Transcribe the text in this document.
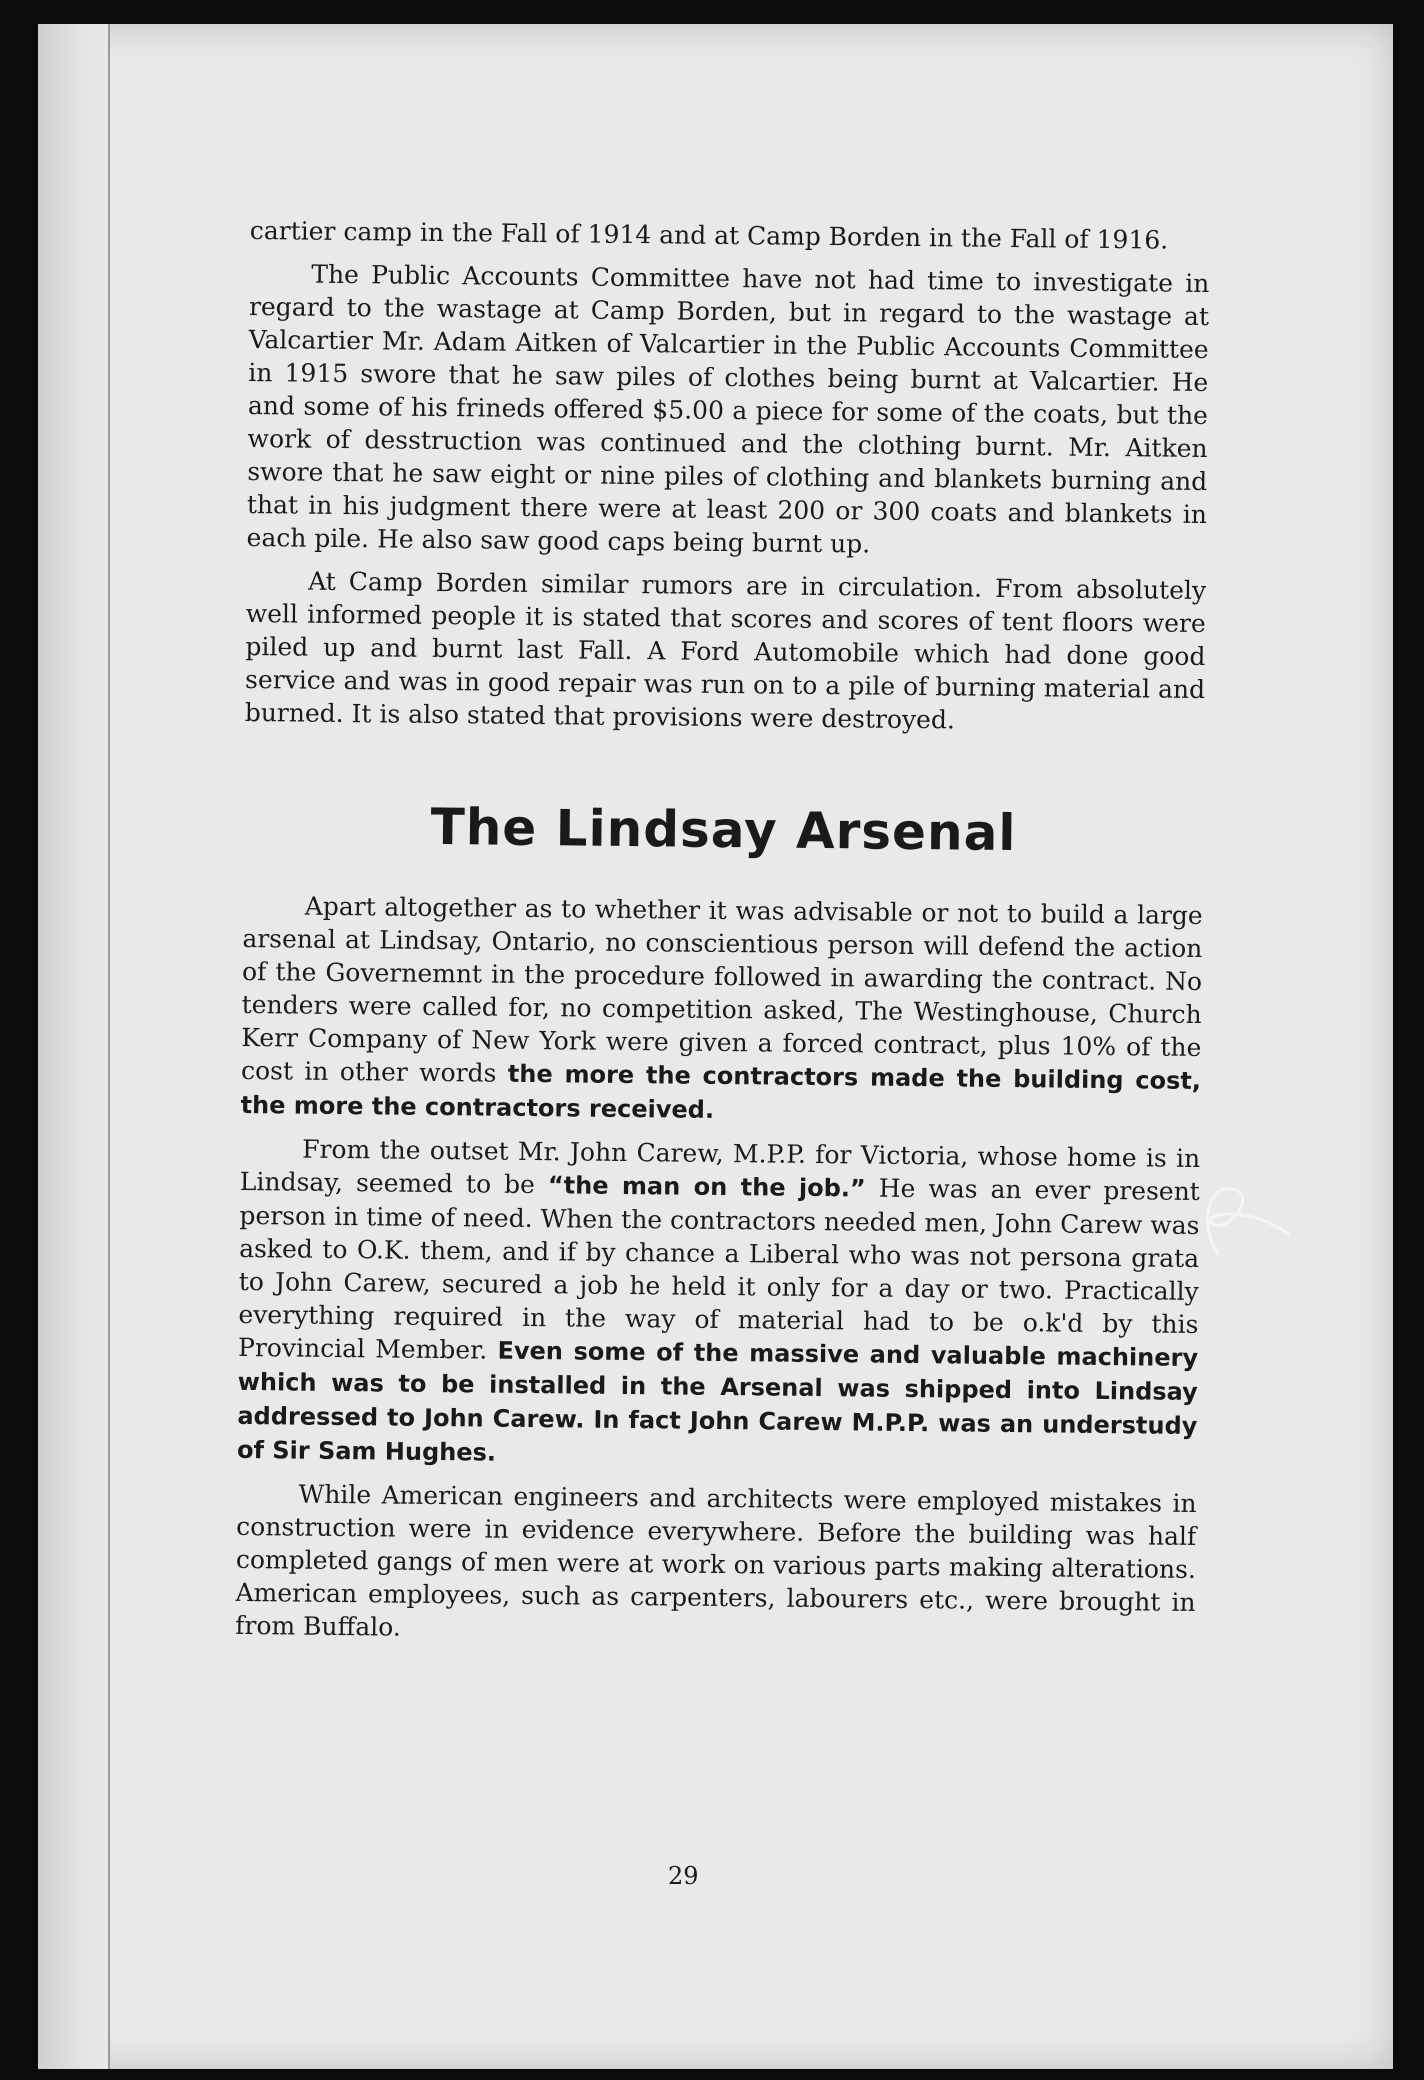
cartier camp in the Fall of 1914 and at Camp Borden in the Fall of 1916.

The Public Accounts Committee have not had time to investigate in regard to the wastage at Camp Borden, but in regard to the wastage at Valcartier Mr. Adam Aitken of Valcartier in the Public Accounts Committee in 1915 swore that he saw piles of clothes being burnt at Valcartier. He and some of his frineds offered $5.00 a piece for some of the coats, but the work of desstruction was continued and the clothing burnt. Mr. Aitken swore that he saw eight or nine piles of clothing and blankets burning and that in his judgment there were at least 200 or 300 coats and blankets in each pile. He also saw good caps being burnt up.

At Camp Borden similar rumors are in circulation. From absolutely well informed people it is stated that scores and scores of tent floors were piled up and burnt last Fall. A Ford Automobile which had done good service and was in good repair was run on to a pile of burning material and burned. It is also stated that provisions were destroyed.

The Lindsay Arsenal

Apart altogether as to whether it was advisable or not to build a large arsenal at Lindsay, Ontario, no conscientious person will defend the action of the Governemnt in the procedure followed in awarding the contract. No tenders were called for, no competition asked, The Westinghouse, Church Kerr Company of New York were given a forced contract, plus 10% of the cost in other words the more the contractors made the building cost, the more the contractors received.

From the outset Mr. John Carew, M.P.P. for Victoria, whose home is in Lindsay, seemed to be “the man on the job.” He was an ever present person in time of need. When the contractors needed men, John Carew was asked to O.K. them, and if by chance a Liberal who was not persona grata to John Carew, secured a job he held it only for a day or two. Practically everything required in the way of material had to be o.k'd by this Provincial Member. Even some of the massive and valuable machinery which was to be installed in the Arsenal was shipped into Lindsay addressed to John Carew. In fact John Carew M.P.P. was an understudy of Sir Sam Hughes.

While American engineers and architects were employed mistakes in construction were in evidence everywhere. Before the building was half completed gangs of men were at work on various parts making alterations. American employees, such as carpenters, labourers etc., were brought in from Buffalo.

29
